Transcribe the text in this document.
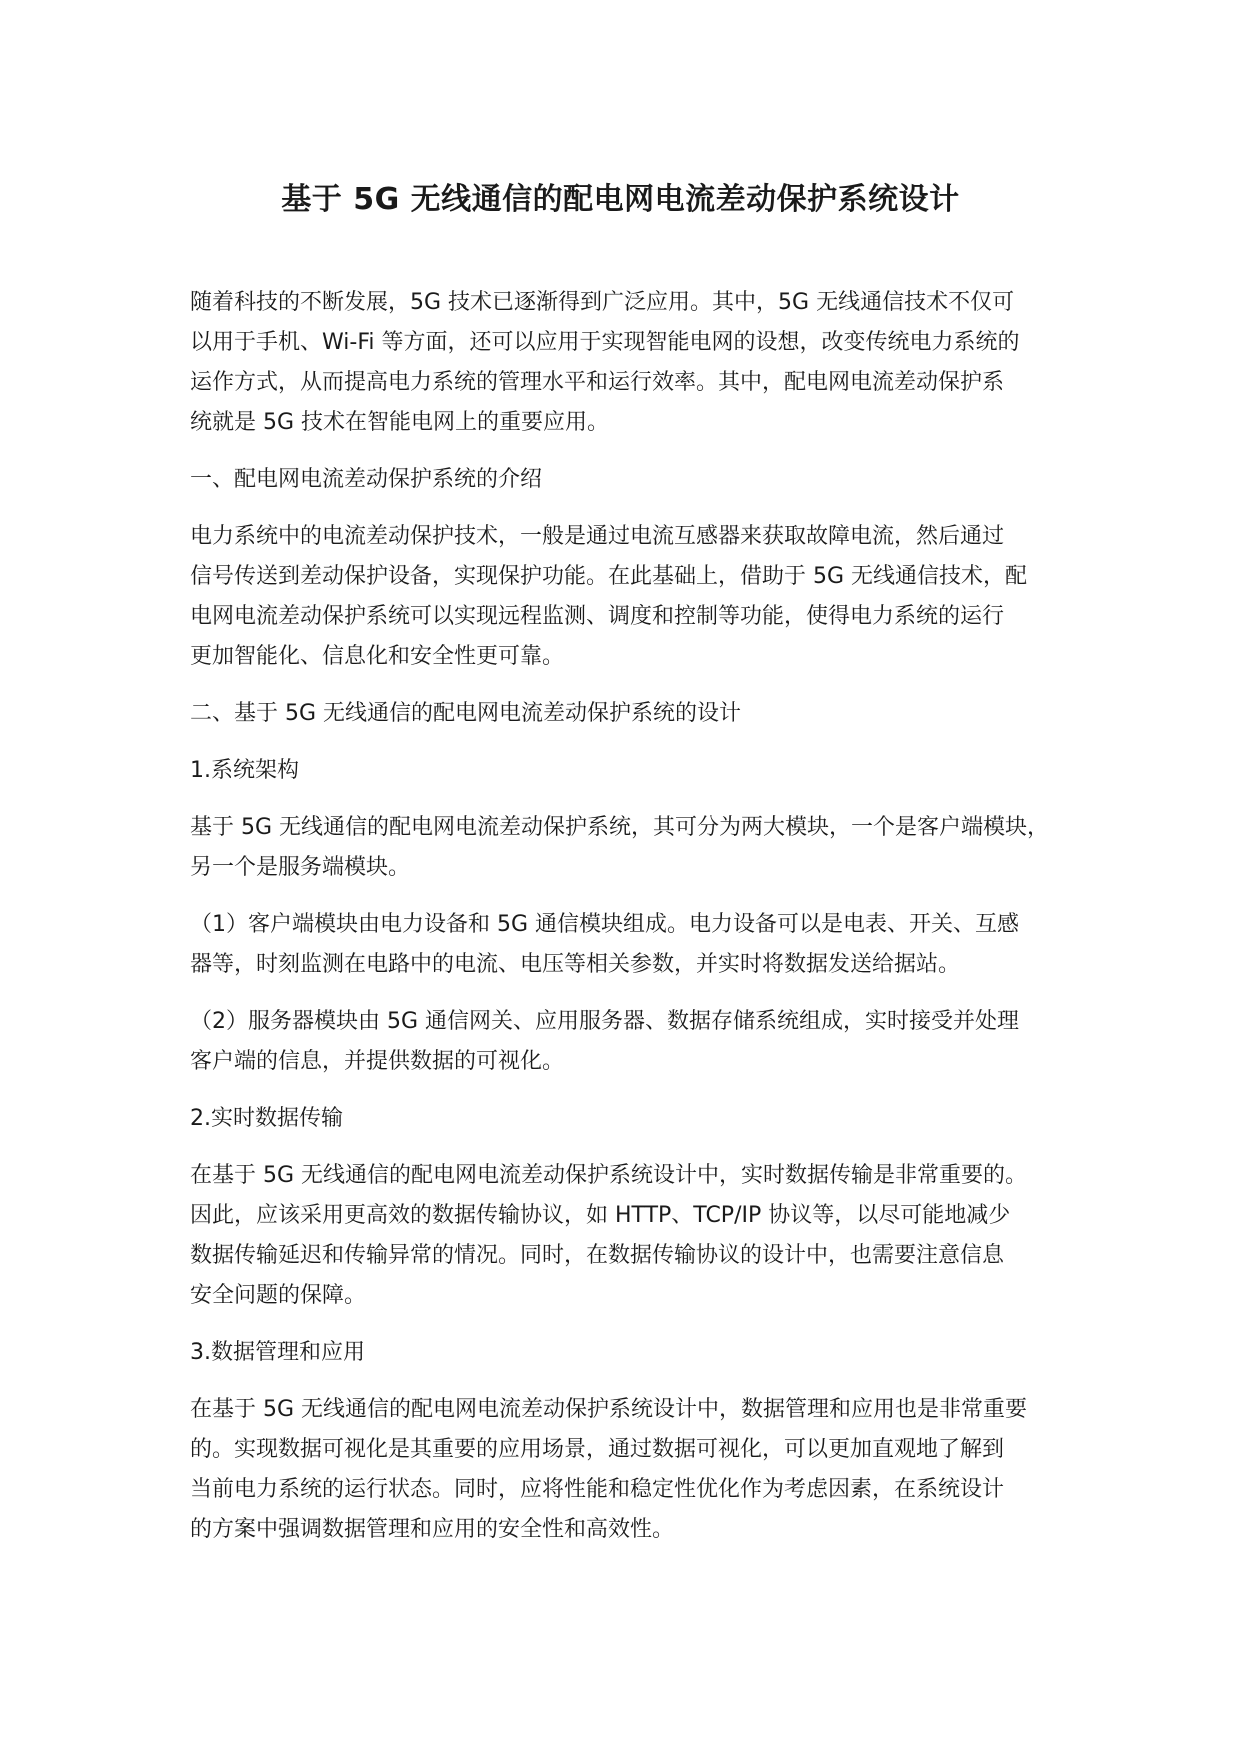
基于 5G 无线通信的配电网电流差动保护系统设计

随着科技的不断发展，5G 技术已逐渐得到广泛应用。其中，5G 无线通信技术不仅可
以用于手机、Wi-Fi 等方面，还可以应用于实现智能电网的设想，改变传统电力系统的
运作方式，从而提高电力系统的管理水平和运行效率。其中，配电网电流差动保护系
统就是 5G 技术在智能电网上的重要应用。

一、配电网电流差动保护系统的介绍

电力系统中的电流差动保护技术，一般是通过电流互感器来获取故障电流，然后通过
信号传送到差动保护设备，实现保护功能。在此基础上，借助于 5G 无线通信技术，配
电网电流差动保护系统可以实现远程监测、调度和控制等功能，使得电力系统的运行
更加智能化、信息化和安全性更可靠。

二、基于 5G 无线通信的配电网电流差动保护系统的设计
1.系统架构

基于 5G 无线通信的配电网电流差动保护系统，其可分为两大模块，一个是客户端模块，
另一个是服务端模块。

（1）客户端模块由电力设备和 5G 通信模块组成。电力设备可以是电表、开关、互感
器等，时刻监测在电路中的电流、电压等相关参数，并实时将数据发送给据站。

（2）服务器模块由 5G 通信网关、应用服务器、数据存储系统组成，实时接受并处理
客户端的信息，并提供数据的可视化。

2.实时数据传输

在基于 5G 无线通信的配电网电流差动保护系统设计中，实时数据传输是非常重要的。
因此，应该采用更高效的数据传输协议，如 HTTP、TCP/IP 协议等，以尽可能地减少
数据传输延迟和传输异常的情况。同时，在数据传输协议的设计中，也需要注意信息
安全问题的保障。

3.数据管理和应用

在基于 5G 无线通信的配电网电流差动保护系统设计中，数据管理和应用也是非常重要
的。实现数据可视化是其重要的应用场景，通过数据可视化，可以更加直观地了解到
当前电力系统的运行状态。同时，应将性能和稳定性优化作为考虑因素，在系统设计
的方案中强调数据管理和应用的安全性和高效性。
